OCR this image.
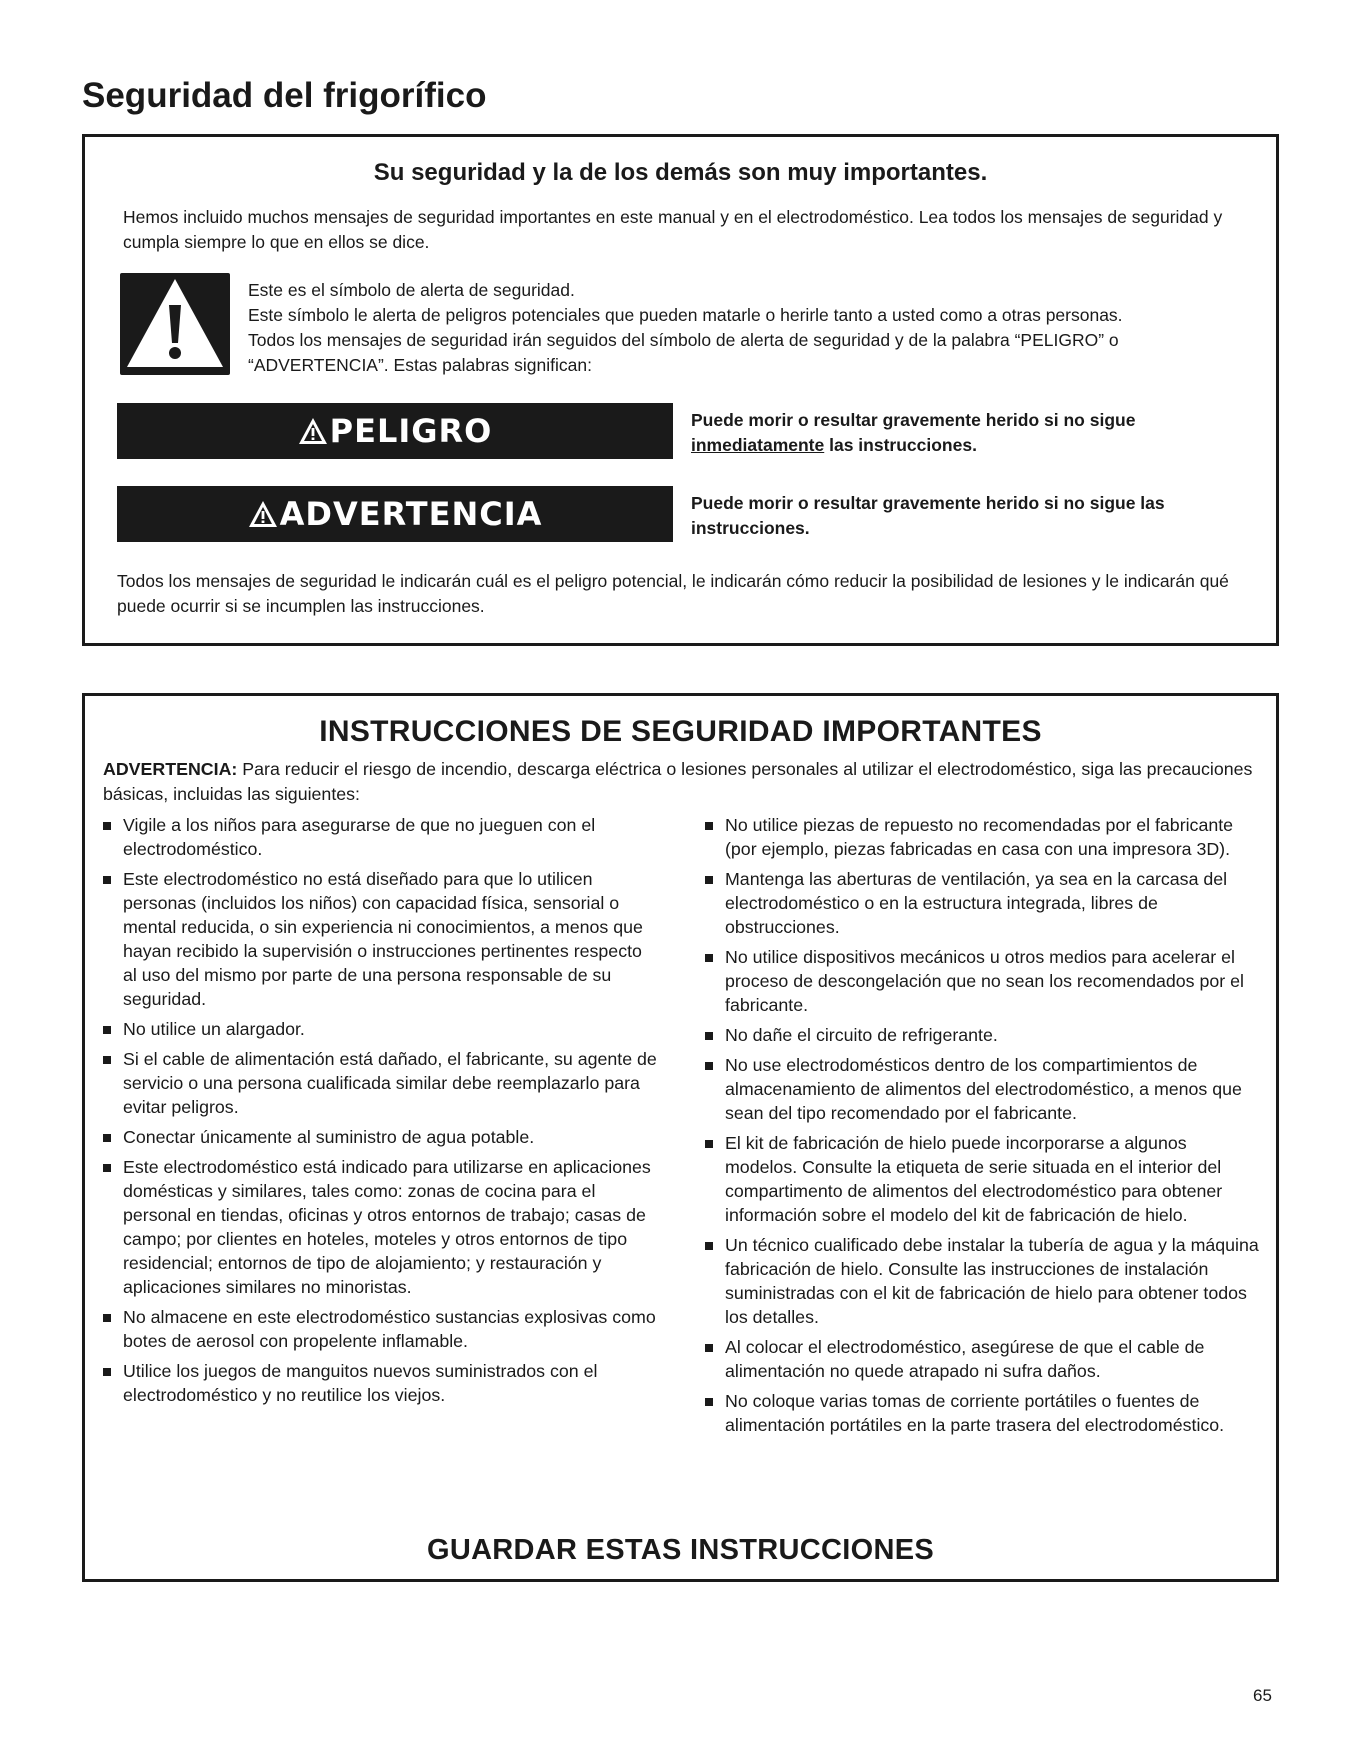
Seguridad del frigorífico
Su seguridad y la de los demás son muy importantes.
Hemos incluido muchos mensajes de seguridad importantes en este manual y en el electrodoméstico. Lea todos los mensajes de seguridad y cumpla siempre lo que en ellos se dice.
Este es el símbolo de alerta de seguridad.
Este símbolo le alerta de peligros potenciales que pueden matarle o herirle tanto a usted como a otras personas.
Todos los mensajes de seguridad irán seguidos del símbolo de alerta de seguridad y de la palabra “PELIGRO” o “ADVERTENCIA”. Estas palabras significan:
PELIGRO	Puede morir o resultar gravemente herido si no sigue inmediatamente las instrucciones.
ADVERTENCIA	Puede morir o resultar gravemente herido si no sigue las instrucciones.
Todos los mensajes de seguridad le indicarán cuál es el peligro potencial, le indicarán cómo reducir la posibilidad de lesiones y le indicarán qué puede ocurrir si se incumplen las instrucciones.
INSTRUCCIONES DE SEGURIDAD IMPORTANTES
ADVERTENCIA: Para reducir el riesgo de incendio, descarga eléctrica o lesiones personales al utilizar el electrodoméstico, siga las precauciones básicas, incluidas las siguientes:
Vigile a los niños para asegurarse de que no jueguen con el electrodoméstico.
Este electrodoméstico no está diseñado para que lo utilicen personas (incluidos los niños) con capacidad física, sensorial o mental reducida, o sin experiencia ni conocimientos, a menos que hayan recibido la supervisión o instrucciones pertinentes respecto al uso del mismo por parte de una persona responsable de su seguridad.
No utilice un alargador.
Si el cable de alimentación está dañado, el fabricante, su agente de servicio o una persona cualificada similar debe reemplazarlo para evitar peligros.
Conectar únicamente al suministro de agua potable.
Este electrodoméstico está indicado para utilizarse en aplicaciones domésticas y similares, tales como: zonas de cocina para el personal en tiendas, oficinas y otros entornos de trabajo; casas de campo; por clientes en hoteles, moteles y otros entornos de tipo residencial; entornos de tipo de alojamiento; y restauración y aplicaciones similares no minoristas.
No almacene en este electrodoméstico sustancias explosivas como botes de aerosol con propelente inflamable.
Utilice los juegos de manguitos nuevos suministrados con el electrodoméstico y no reutilice los viejos.
No utilice piezas de repuesto no recomendadas por el fabricante (por ejemplo, piezas fabricadas en casa con una impresora 3D).
Mantenga las aberturas de ventilación, ya sea en la carcasa del electrodoméstico o en la estructura integrada, libres de obstrucciones.
No utilice dispositivos mecánicos u otros medios para acelerar el proceso de descongelación que no sean los recomendados por el fabricante.
No dañe el circuito de refrigerante.
No use electrodomésticos dentro de los compartimientos de almacenamiento de alimentos del electrodoméstico, a menos que sean del tipo recomendado por el fabricante.
El kit de fabricación de hielo puede incorporarse a algunos modelos. Consulte la etiqueta de serie situada en el interior del compartimento de alimentos del electrodoméstico para obtener información sobre el modelo del kit de fabricación de hielo.
Un técnico cualificado debe instalar la tubería de agua y la máquina fabricación de hielo. Consulte las instrucciones de instalación suministradas con el kit de fabricación de hielo para obtener todos los detalles.
Al colocar el electrodoméstico, asegúrese de que el cable de alimentación no quede atrapado ni sufra daños.
No coloque varias tomas de corriente portátiles o fuentes de alimentación portátiles en la parte trasera del electrodoméstico.
GUARDAR ESTAS INSTRUCCIONES
65
